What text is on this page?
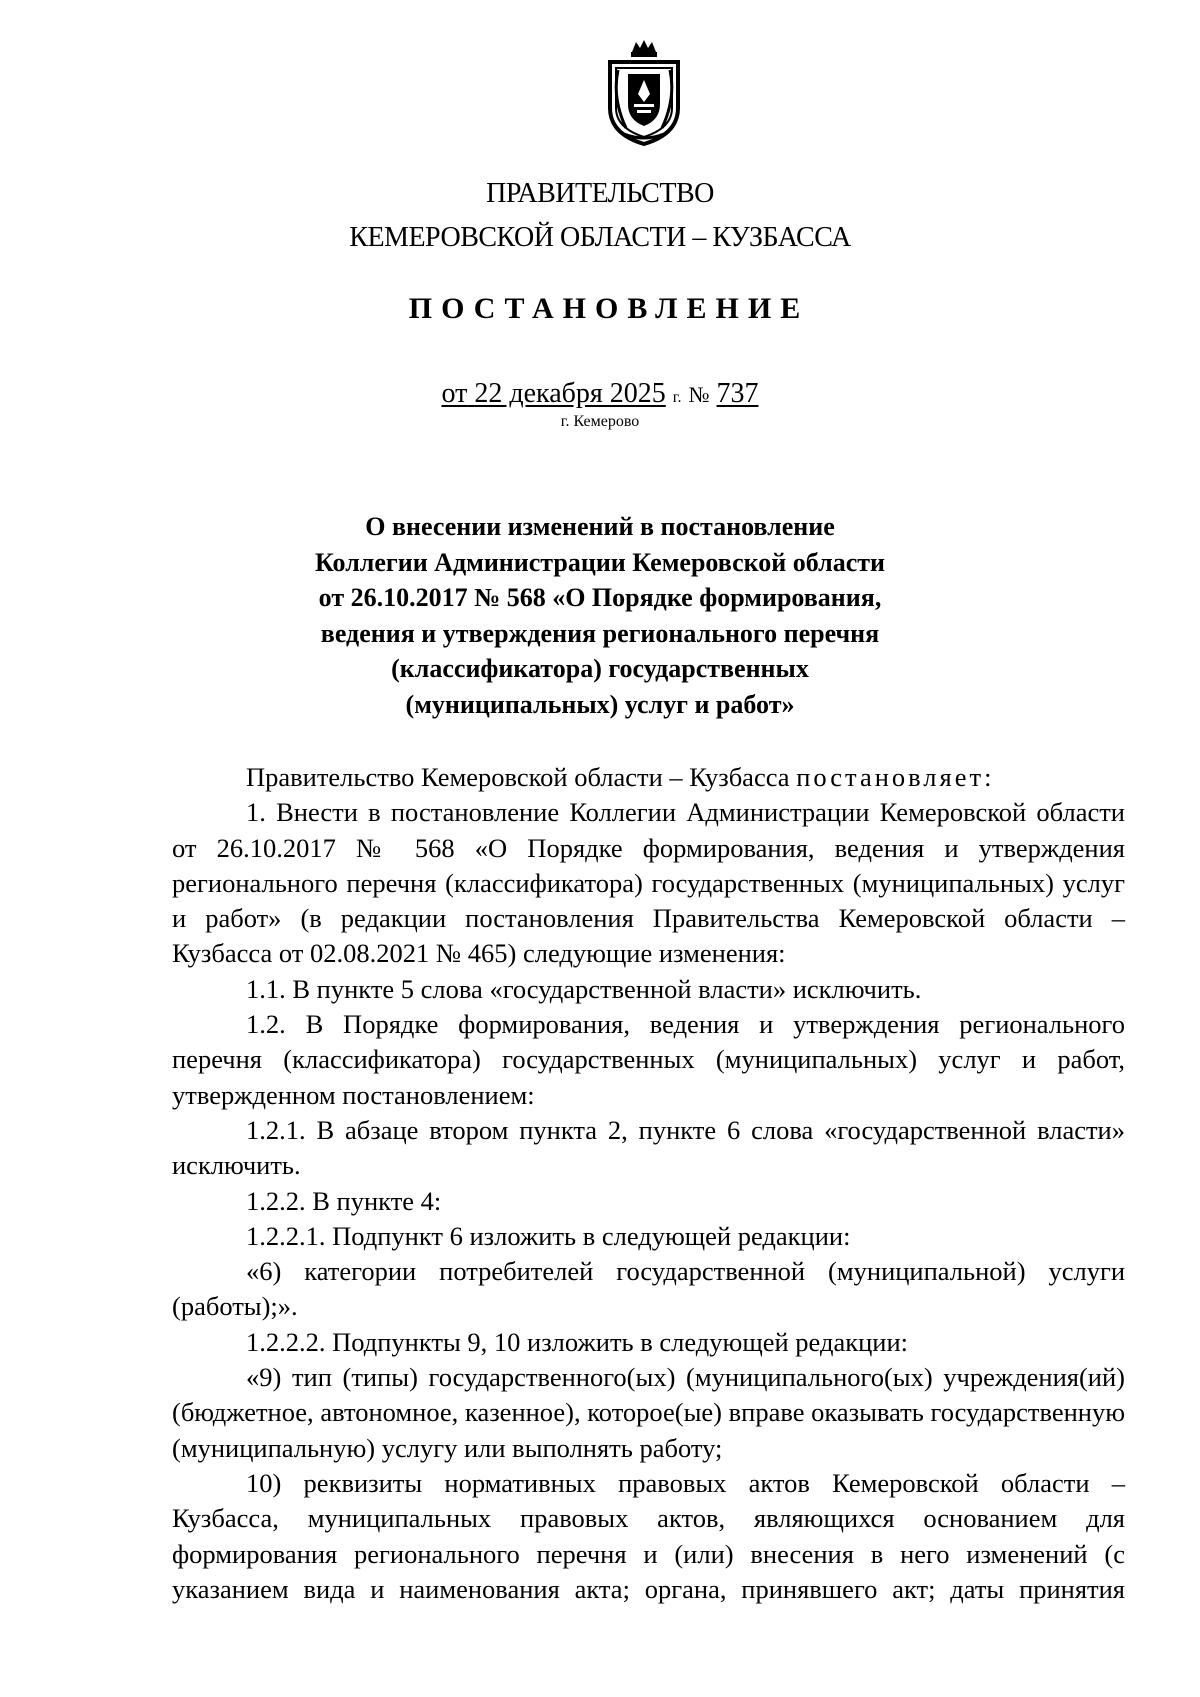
ПРАВИТЕЛЬСТВО
КЕМЕРОВСКОЙ ОБЛАСТИ – КУЗБАССА
ПОСТАНОВЛЕНИЕ
от 22 декабря 2025 г. № 737
г. Кемерово
О внесении изменений в постановление
Коллегии Администрации Кемеровской области
от 26.10.2017 № 568 «О Порядке формирования,
ведения и утверждения регионального перечня
(классификатора) государственных
(муниципальных) услуг и работ»

Правительство Кемеровской области – Кузбасса постановляет:

1. Внести в постановление Коллегии Администрации Кемеровской области от 26.10.2017 № 568 «О Порядке формирования, ведения и утверждения регионального перечня (классификатора) государственных (муниципальных) услуг и работ» (в редакции постановления Правительства Кемеровской области – Кузбасса от 02.08.2021 № 465) следующие изменения:

1.1. В пункте 5 слова «государственной власти» исключить.

1.2. В Порядке формирования, ведения и утверждения регионального перечня (классификатора) государственных (муниципальных) услуг и работ, утвержденном постановлением:

1.2.1. В абзаце втором пункта 2, пункте 6 слова «государственной власти» исключить.

1.2.2. В пункте 4:

1.2.2.1. Подпункт 6 изложить в следующей редакции:

«6) категории потребителей государственной (муниципальной) услуги (работы);».

1.2.2.2. Подпункты 9, 10 изложить в следующей редакции:

«9) тип (типы) государственного(ых) (муниципального(ых) учреждения(ий) (бюджетное, автономное, казенное), которое(ые) вправе оказывать государственную (муниципальную) услугу или выполнять работу;

10) реквизиты нормативных правовых актов Кемеровской области – Кузбасса, муниципальных правовых актов, являющихся основанием для формирования регионального перечня и (или) внесения в него изменений (с указанием вида и наименования акта; органа, принявшего акт; даты принятия
